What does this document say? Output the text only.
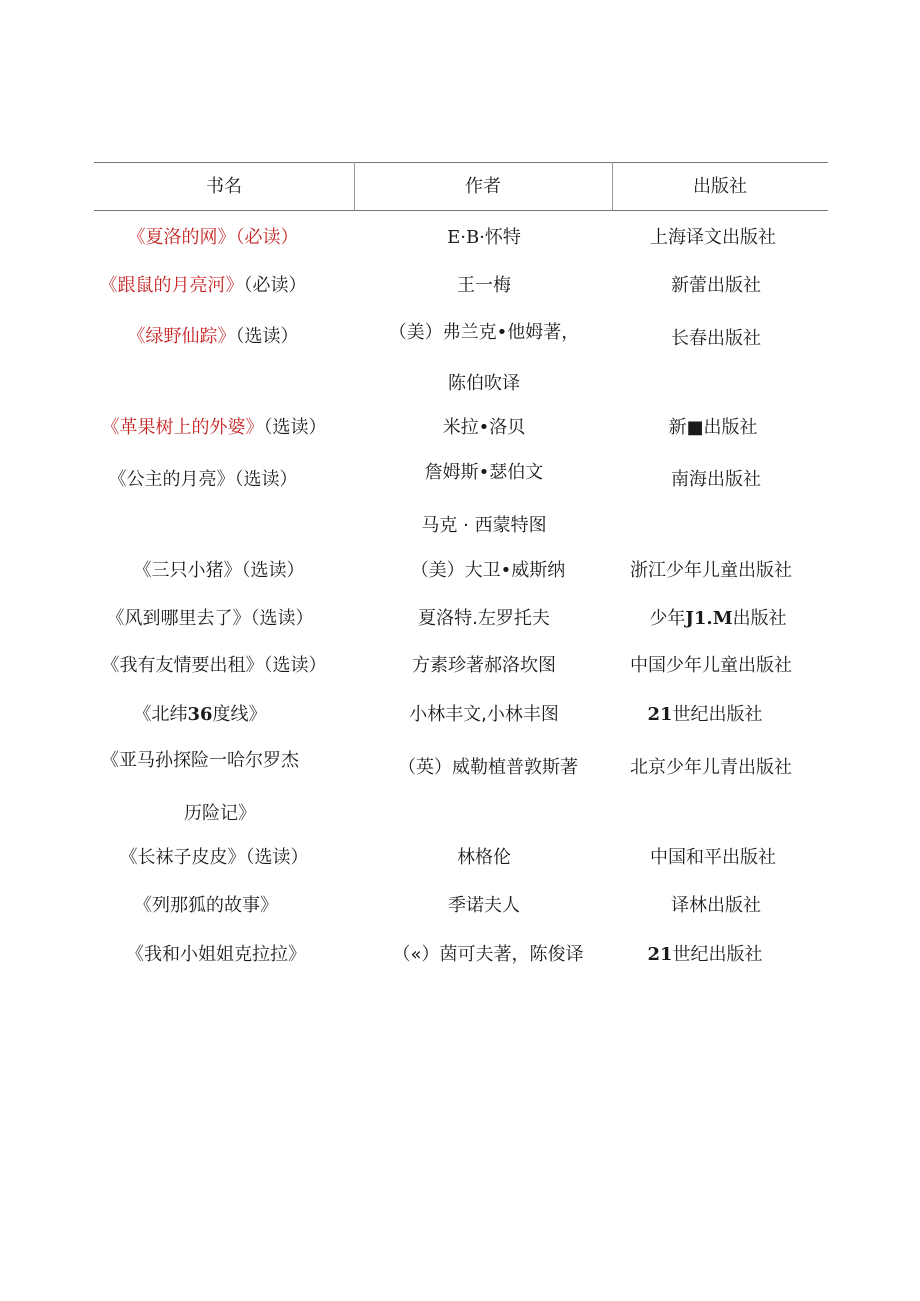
书名	作者	出版社
《夏洛的网》（必读）	E·B·怀特	上海译文出版社
《跟鼠的月亮河》（必读）	王一梅	新蕾出版社
《绿野仙踪》（选读）	（美）弗兰克•他姆著，	长春出版社
陈伯吹译
《革果树上的外婆》（选读）	米拉•洛贝	新■出版社
《公主的月亮》（选读）	詹姆斯•瑟伯文	南海出版社
马克 · 西蒙特图
《三只小猪》（选读）	（美）大卫•威斯纳	浙江少年儿童出版社
《风到哪里去了》（选读）	夏洛特.左罗托夫	少年J1.M出版社
《我有友情要出租》（选读）	方素珍著郝洛坎图	中国少年儿童出版社
《北纬36度线》	小林丰文,小林丰图	21世纪出版社
《亚马孙探险一哈尔罗杰	（英）威勒植普敦斯著	北京少年儿青出版社
历险记》
《长袜子皮皮》（选读）	林格伦	中国和平出版社
《列那狐的故事》	季诺夫人	译林出版社
《我和小姐姐克拉拉》	（«）茵可夫著，陈俊译	21世纪出版社
